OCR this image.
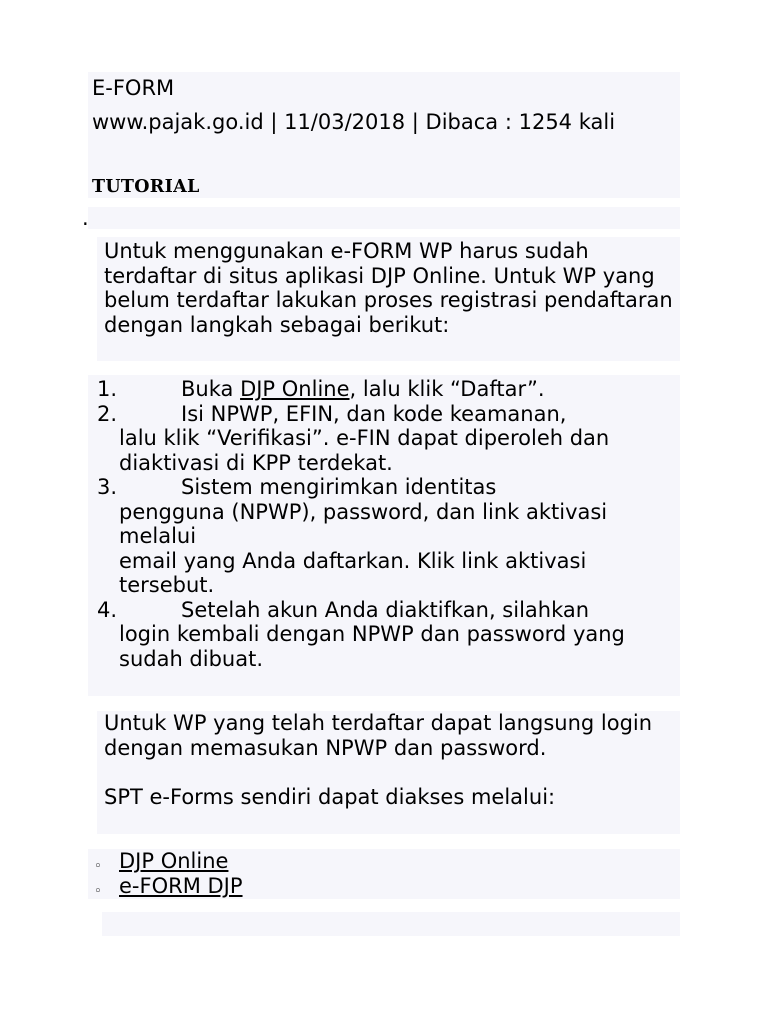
E-FORM

www.pajak.go.id | 11/03/2018 | Dibaca : 1254 kali

TUTORIAL
.

Untuk menggunakan e-FORM WP harus sudah terdaftar di situs aplikasi DJP Online. Untuk WP yang belum terdaftar lakukan proses registrasi pendaftaran dengan langkah sebagai berikut:

1.	Buka DJP Online, lalu klik “Daftar”.

2.	Isi NPWP, EFIN, dan kode keamanan,

lalu klik “Verifikasi”. e-FIN dapat diperoleh dan

diaktivasi di KPP terdekat.

3.	Sistem mengirimkan identitas

pengguna (NPWP), password, dan link aktivasi melalui

email yang Anda daftarkan. Klik link aktivasi tersebut.

4.	Setelah akun Anda diaktifkan, silahkan

login kembali dengan NPWP dan password yang sudah dibuat.

Untuk WP yang telah terdaftar dapat langsung login dengan memasukan NPWP dan password.

SPT e-Forms sendiri dapat diakses melalui:

◦ DJP Online
◦ e-FORM DJP
